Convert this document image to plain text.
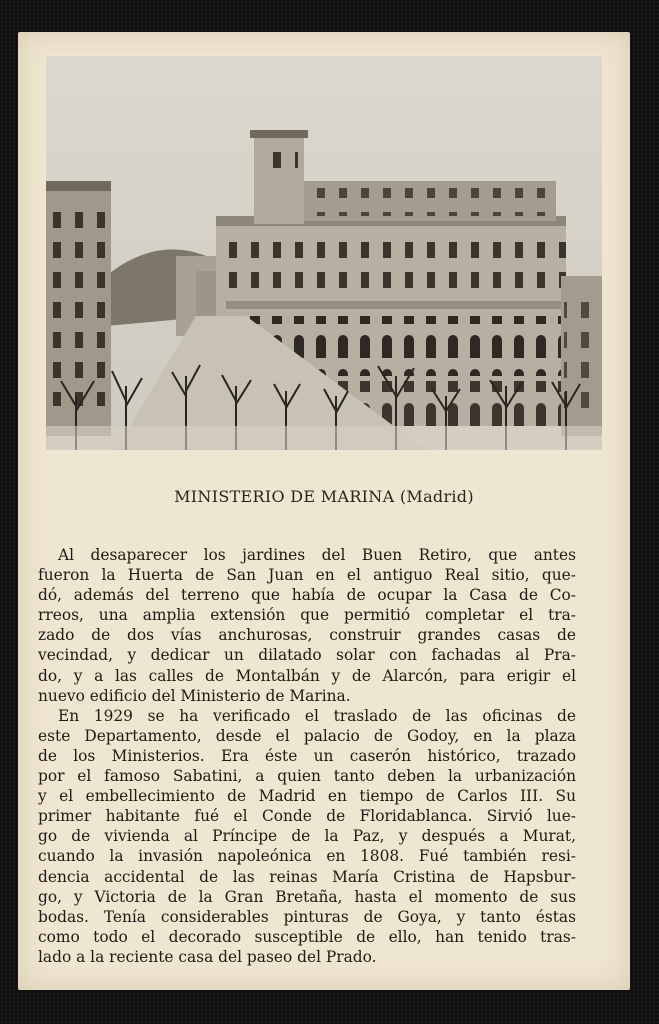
MINISTERIO DE MARINA (Madrid)
Al desaparecer los jardines del Buen Retiro, que antes
fueron la Huerta de San Juan en el antiguo Real sitio, que-
dó, además del terreno que había de ocupar la Casa de Co-
rreos, una amplia extensión que permitió completar el tra-
zado de dos vías anchurosas, construir grandes casas de
vecindad, y dedicar un dilatado solar con fachadas al Pra-
do, y a las calles de Montalbán y de Alarcón, para erigir el
nuevo edificio del Ministerio de Marina.
En 1929 se ha verificado el traslado de las oficinas de
este Departamento, desde el palacio de Godoy, en la plaza
de los Ministerios. Era éste un caserón histórico, trazado
por el famoso Sabatini, a quien tanto deben la urbanización
y el embellecimiento de Madrid en tiempo de Carlos III. Su
primer habitante fué el Conde de Floridablanca. Sirvió lue-
go de vivienda al Príncipe de la Paz, y después a Murat,
cuando la invasión napoleónica en 1808. Fué también resi-
dencia accidental de las reinas María Cristina de Hapsbur-
go, y Victoria de la Gran Bretaña, hasta el momento de sus
bodas. Tenía considerables pinturas de Goya, y tanto éstas
como todo el decorado susceptible de ello, han tenido tras-
lado a la reciente casa del paseo del Prado.
